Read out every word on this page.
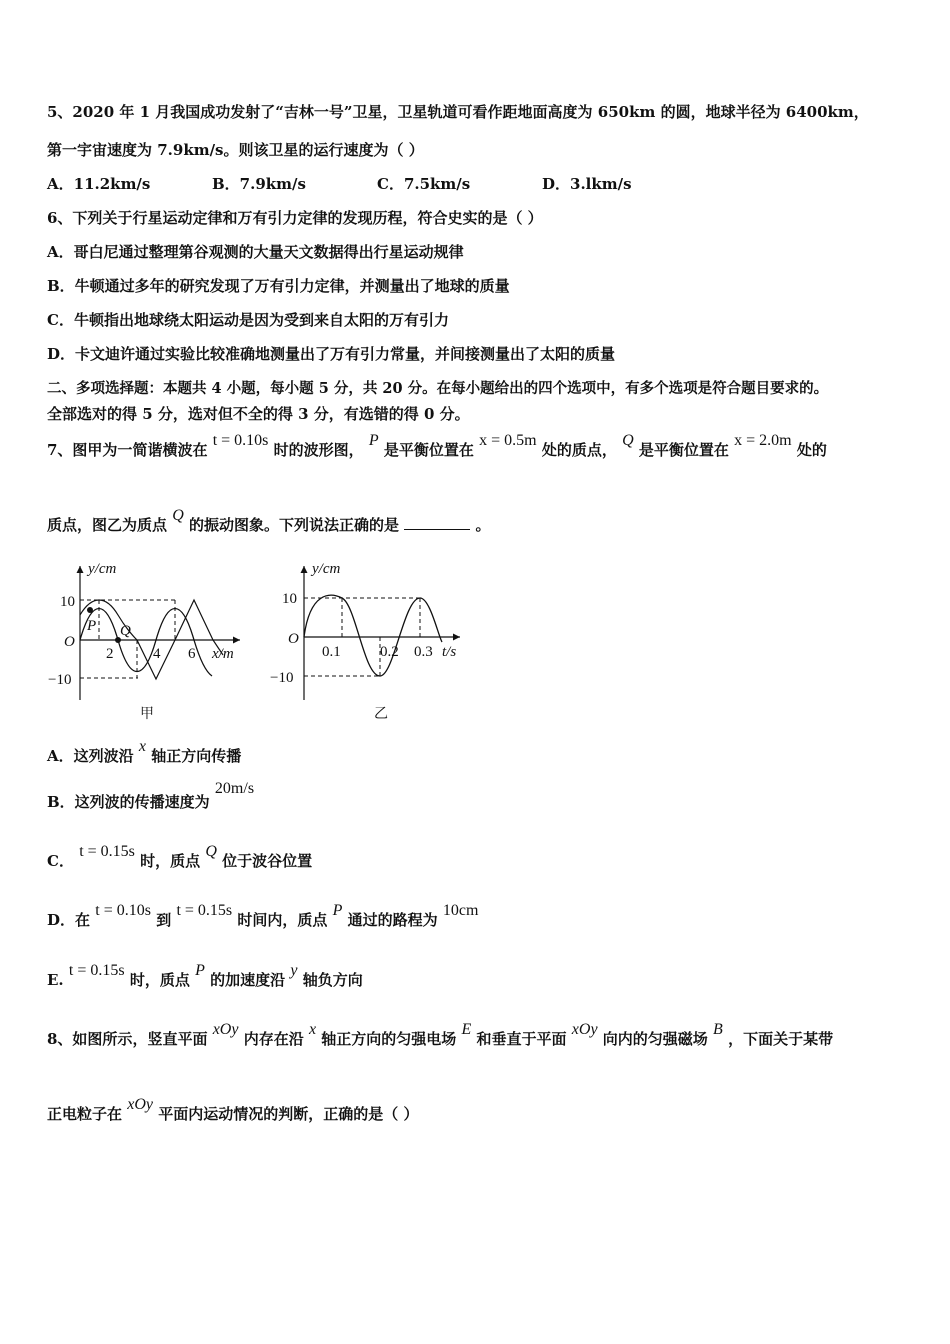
5、2020 年 1 月我国成功发射了“吉林一号”卫星，卫星轨道可看作距地面高度为 650km 的圆，地球半径为 6400km，
第一宇宙速度为 7.9km/s。则该卫星的运行速度为（ ）
A．11.2km/s	B．7.9km/s	C．7.5km/s	D．3.lkm/s
6、下列关于行星运动定律和万有引力定律的发现历程，符合史实的是（ ）
A．哥白尼通过整理第谷观测的大量天文数据得出行星运动规律
B．牛顿通过多年的研究发现了万有引力定律，并测量出了地球的质量
C．牛顿指出地球绕太阳运动是因为受到来自太阳的万有引力
D．卡文迪许通过实验比较准确地测量出了万有引力常量，并间接测量出了太阳的质量
二、多项选择题：本题共 4 小题，每小题 5 分，共 20 分。在每小题给出的四个选项中，有多个选项是符合题目要求的。
全部选对的得 5 分，选对但不全的得 3 分，有选错的得 0 分。
7、图甲为一简谐横波在 t = 0.10s 时的波形图， P 是平衡位置在 x = 0.5m 处的质点， Q 是平衡位置在 x = 2.0m 处的
质点，图乙为质点 Q 的振动图象。下列说法正确的是	。
y/cm
10
O
−10
P Q
2	4 6 x/m
甲
y/cm
10
O
−10
0.1	0.2 0.3 t/s
乙
A．这列波沿 x 轴正方向传播
B．这列波的传播速度为 20m/s
C． t = 0.15s 时，质点 Q 位于波谷位置
D．在 t = 0.10s 到 t = 0.15s 时间内，质点 P 通过的路程为 10cm
E. t = 0.15s 时，质点 P 的加速度沿 y 轴负方向
8、如图所示，竖直平面 xOy 内存在沿 x 轴正方向的匀强电场 E 和垂直于平面 xOy 向内的匀强磁场 B ，下面关于某带
正电粒子在 xOy 平面内运动情况的判断，正确的是（ ）
